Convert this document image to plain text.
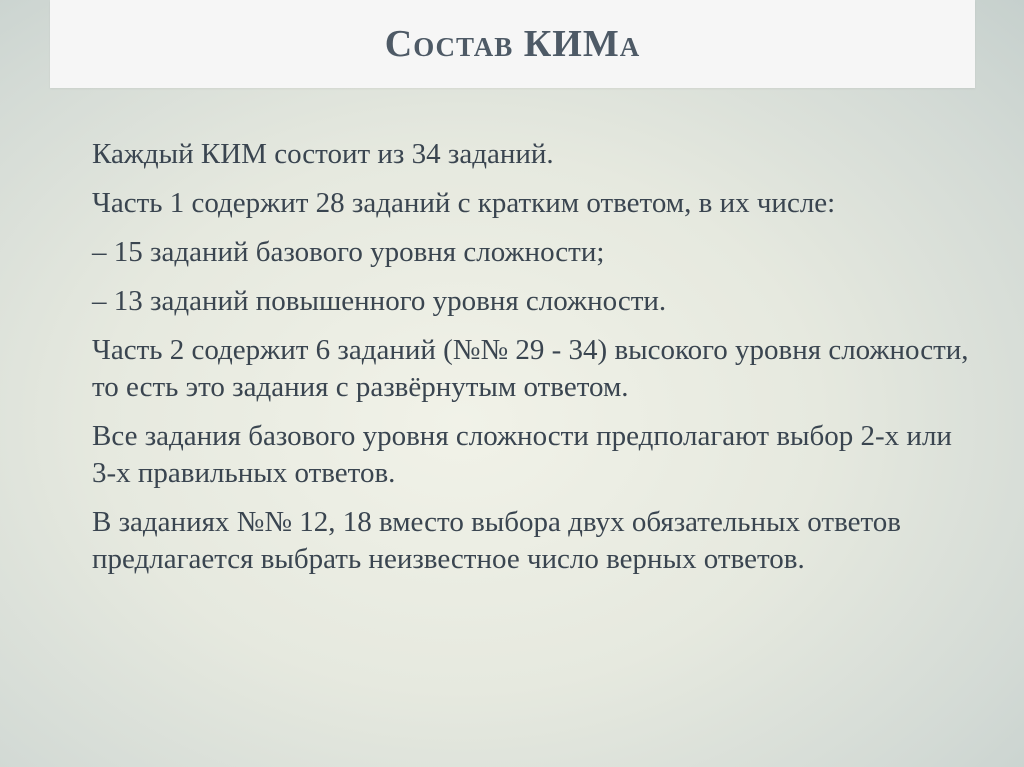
Состав КИМа

Каждый КИМ состоит из 34 заданий.

Часть 1 содержит 28 заданий с кратким ответом, в их числе:

– 15 заданий базового уровня сложности;

– 13 заданий повышенного уровня сложности.

Часть 2 содержит 6 заданий (№№ 29 - 34) высокого уровня сложности, то есть это задания с развёрнутым ответом.

Все задания базового уровня сложности предполагают выбор 2-х или 3-х правильных ответов.

В заданиях №№ 12, 18 вместо выбора двух обязательных ответов предлагается выбрать неизвестное число верных ответов.
